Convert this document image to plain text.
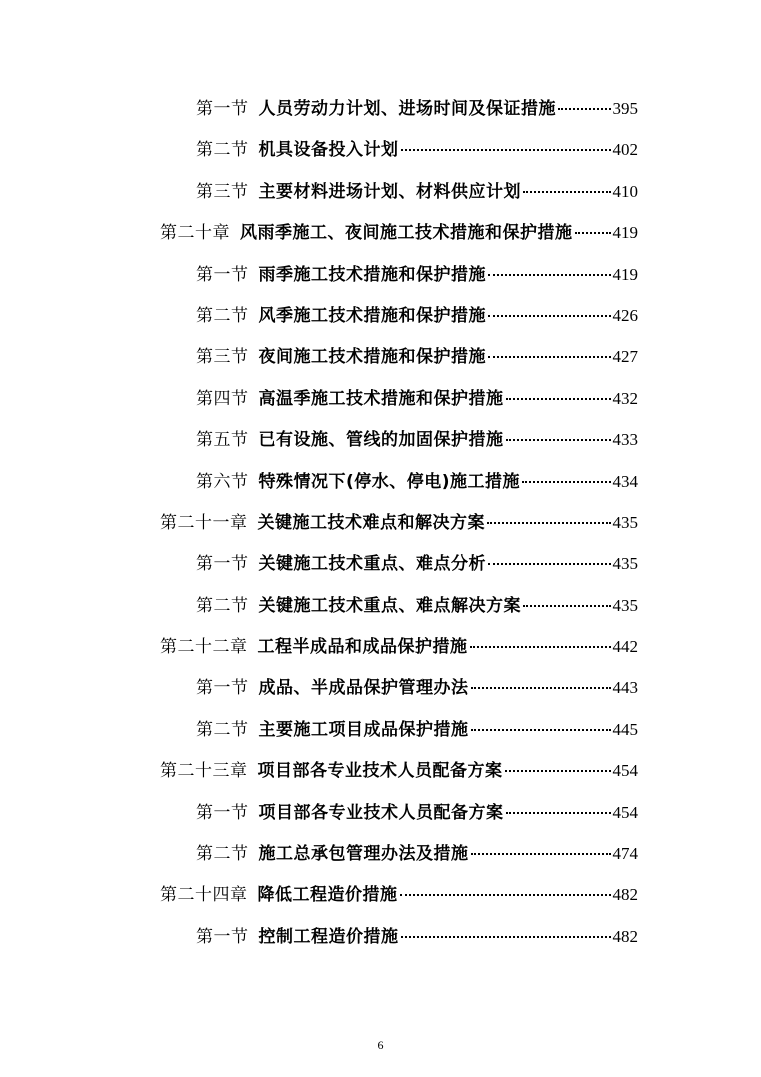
第一节 人员劳动力计划、进场时间及保证措施	395
第二节 机具设备投入计划	402
第三节 主要材料进场计划、材料供应计划	410
第二十章 风雨季施工、夜间施工技术措施和保护措施 419
第一节 雨季施工技术措施和保护措施	419
第二节 风季施工技术措施和保护措施	426
第三节 夜间施工技术措施和保护措施	427
第四节 高温季施工技术措施和保护措施	432
第五节 已有设施、管线的加固保护措施	433
第六节 特殊情况下(停水、停电)施工措施	434
第二十一章 关键施工技术难点和解决方案	435
第一节 关键施工技术重点、难点分析	435
第二节 关键施工技术重点、难点解决方案	435
第二十二章 工程半成品和成品保护措施	442
第一节 成品、半成品保护管理办法	443
第二节 主要施工项目成品保护措施	445
第二十三章 项目部各专业技术人员配备方案	454
第一节 项目部各专业技术人员配备方案	454
第二节 施工总承包管理办法及措施	474
第二十四章 降低工程造价措施	482
第一节 控制工程造价措施	482
6
